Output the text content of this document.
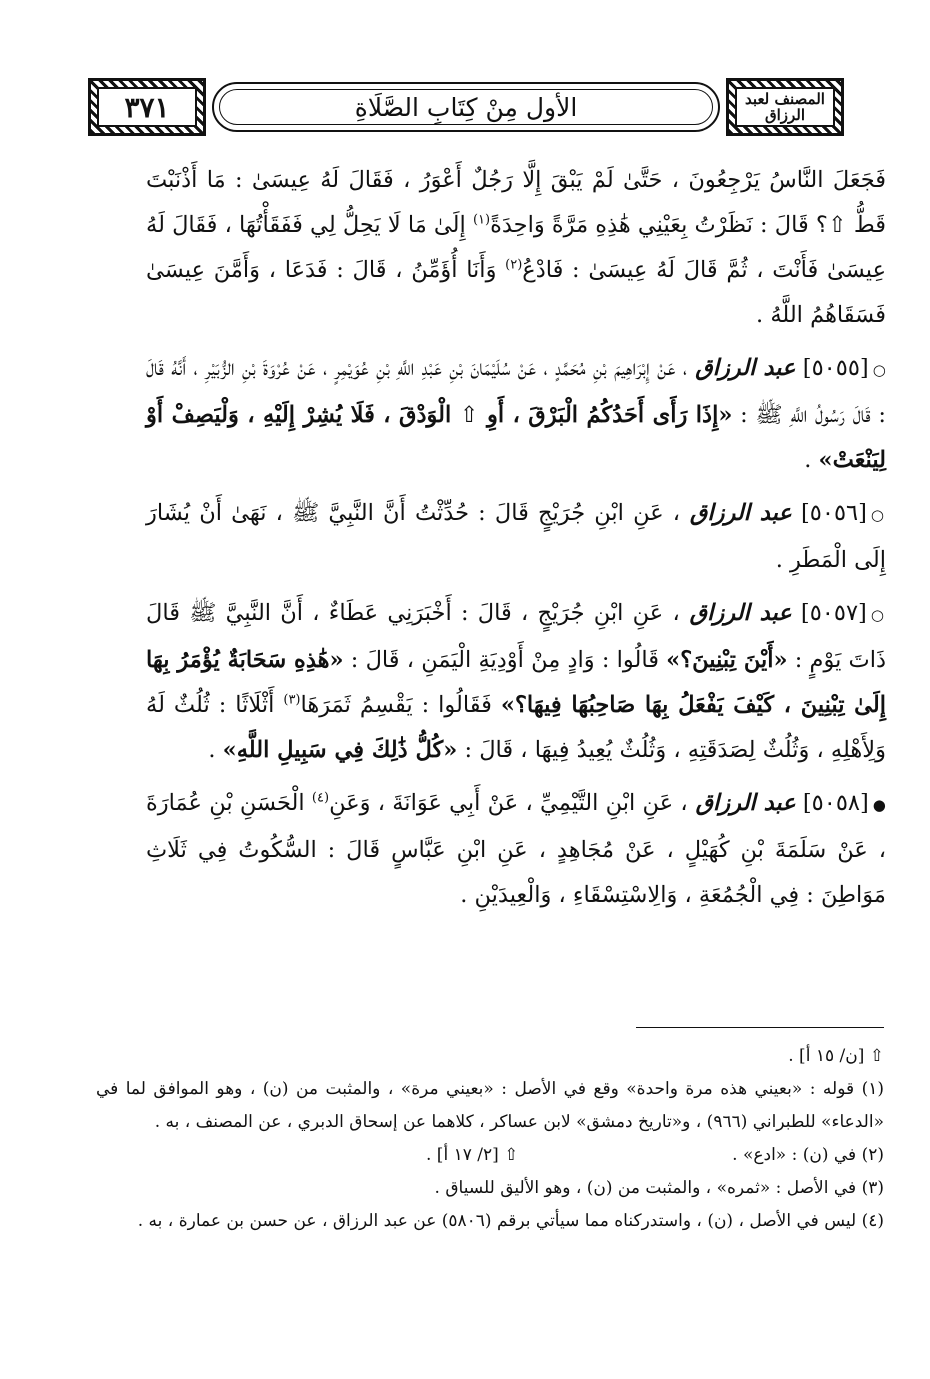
٣٧١	الأول مِنْ كِتَابِ الصَّلَاةِ	المصنف لعبد الرزاق

فَجَعَلَ النَّاسُ يَرْجِعُونَ ، حَتَّىٰ لَمْ يَبْقَ إِلَّا رَجُلٌ أَعْوَرُ ، فَقَالَ لَهُ عِيسَىٰ : مَا أَذْنَبْتَ قَطُّ ⇧؟ قَالَ : نَظَرْتُ بِعَيْنِي هَٰذِهِ مَرَّةً وَاحِدَةً$^{(١)}$ إِلَىٰ مَا لَا يَحِلُّ لِي فَفَقَأْتُهَا ، فَقَالَ لَهُ عِيسَىٰ فَأَنْتَ ، ثُمَّ قَالَ لَهُ عِيسَىٰ : فَادْعُ$^{(٢)}$ وَأَنَا أُؤَمِّنُ ، قَالَ : فَدَعَا ، وَأَمَّنَ عِيسَىٰ فَسَقَاهُمُ اللَّهُ .

○[٥٠٥٥] عبد الرزاق ، عَنْ إِبْرَاهِيمَ بْنِ مُحَمَّدٍ ، عَنْ سُلَيْمَانَ بْنِ عَبْدِ اللَّهِ بْنِ عُوَيْمِرٍ ، عَنْ عُرْوَةَ بْنِ الزُّبَيْرِ ، أَنَّهُ قَالَ : قَالَ رَسُولُ اللَّهِ ﷺ : «إِذَا رَأَى أَحَدُكُمُ الْبَرْقَ ، أَوِ ⇧ الْوَدْقَ ، فَلَا يُشِرْ إِلَيْهِ ، وَلْيَصِفْ أَوْ لِيَنْعَتْ» .

○[٥٠٥٦] عبد الرزاق ، عَنِ ابْنِ جُرَيْجٍ قَالَ : حُدِّثْتُ أَنَّ النَّبِيَّ ﷺ ، نَهَىٰ أَنْ يُشَارَ إِلَى الْمَطَرِ .

○[٥٠٥٧] عبد الرزاق ، عَنِ ابْنِ جُرَيْجٍ ، قَالَ : أَخْبَرَنِي عَطَاءٌ ، أَنَّ النَّبِيَّ ﷺ قَالَ ذَاتَ يَوْمٍ : «أَيْنَ تِبْنِينَ؟» قَالُوا : وَادٍ مِنْ أَوْدِيَةِ الْيَمَنِ ، قَالَ : «هَٰذِهِ سَحَابَةٌ يُؤْمَرُ بِهَا إِلَىٰ تِبْنِينَ ، كَيْفَ يَفْعَلُ بِهَا صَاحِبُهَا فِيهَا؟» فَقَالُوا : يَقْسِمُ ثَمَرَهَا$^{(٣)}$ أَثْلَاثًا : ثُلُثٌ لَهُ وَلِأَهْلِهِ ، وَثُلُثٌ لِصَدَقَتِهِ ، وَثُلُثٌ يُعِيدُ فِيهَا ، قَالَ : «كُلُّ ذَٰلِكَ فِي سَبِيلِ اللَّهِ» .

●[٥٠٥٨] عبد الرزاق ، عَنِ ابْنِ التَّيْمِيِّ ، عَنْ أَبِي عَوَانَةَ ، وَعَنِ$^{(٤)}$ الْحَسَنِ بْنِ عُمَارَةَ ، عَنْ سَلَمَةَ بْنِ كُهَيْلٍ ، عَنْ مُجَاهِدٍ ، عَنِ ابْنِ عَبَّاسٍ قَالَ : السُّكُوتُ فِي ثَلَاثِ مَوَاطِنَ : فِي الْجُمُعَةِ ، وَالِاسْتِسْقَاءِ ، وَالْعِيدَيْنِ .

⇧ [ن/ ١٥ أ] .

(١) قوله : «بعيني هذه مرة واحدة» وقع في الأصل : «بعيني مرة» ، والمثبت من (ن) ، وهو الموافق لما في «الدعاء» للطبراني (٩٦٦) ، و«تاريخ دمشق» لابن عساكر ، كلاهما عن إسحاق الدبري ، عن المصنف ، به .

(٢) في (ن) : «ادع» .
⇧ [٢/ ١٧ أ] .

(٣) في الأصل : «ثمره» ، والمثبت من (ن) ، وهو الأليق للسياق .

(٤) ليس في الأصل ، (ن) ، واستدركناه مما سيأتي برقم (٥٨٠٦) عن عبد الرزاق ، عن حسن بن عمارة ، به .
